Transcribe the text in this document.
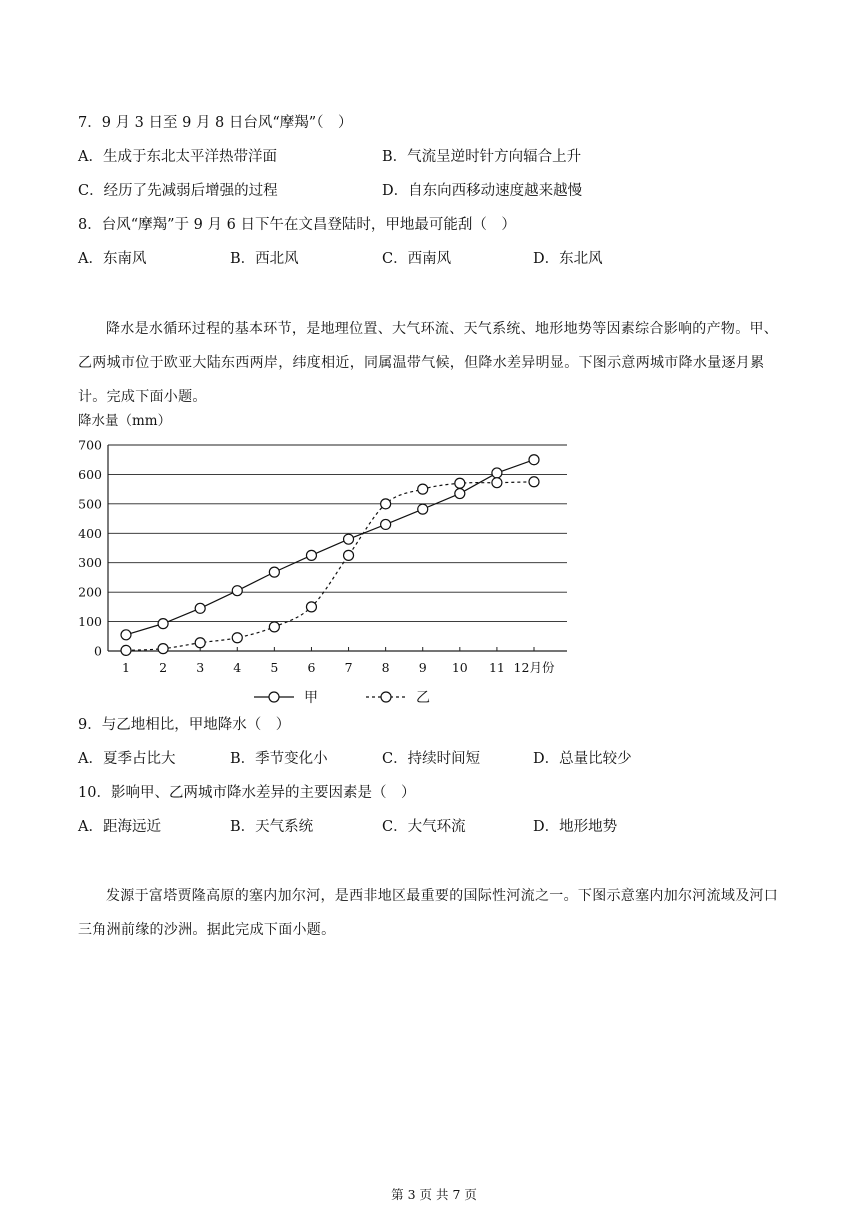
7．9 月 3 日至 9 月 8 日台风“摩羯”（　）
A．生成于东北太平洋热带洋面	B．气流呈逆时针方向辐合上升
C．经历了先减弱后增强的过程	D．自东向西移动速度越来越慢
8．台风“摩羯”于 9 月 6 日下午在文昌登陆时，甲地最可能刮（　）
A．东南风	B．西北风	C．西南风	D．东北风
降水是水循环过程的基本环节，是地理位置、大气环流、天气系统、地形地势等因素综合影响的产物。甲、乙两城市位于欧亚大陆东西两岸，纬度相近，同属温带气候，但降水差异明显。下图示意两城市降水量逐月累计。完成下面小题。
降水量（mm）
0
100
200
300
400
500
600
700
1 2 3 4 5 6 7 8 9 10 11 12月份
甲	乙
9．与乙地相比，甲地降水（　）
A．夏季占比大	B．季节变化小	C．持续时间短	D．总量比较少
10．影响甲、乙两城市降水差异的主要因素是（　）
A．距海远近	B．天气系统	C．大气环流	D．地形地势
发源于富塔贾隆高原的塞内加尔河，是西非地区最重要的国际性河流之一。下图示意塞内加尔河流域及河口三角洲前缘的沙洲。据此完成下面小题。
第 3 页 共 7 页
